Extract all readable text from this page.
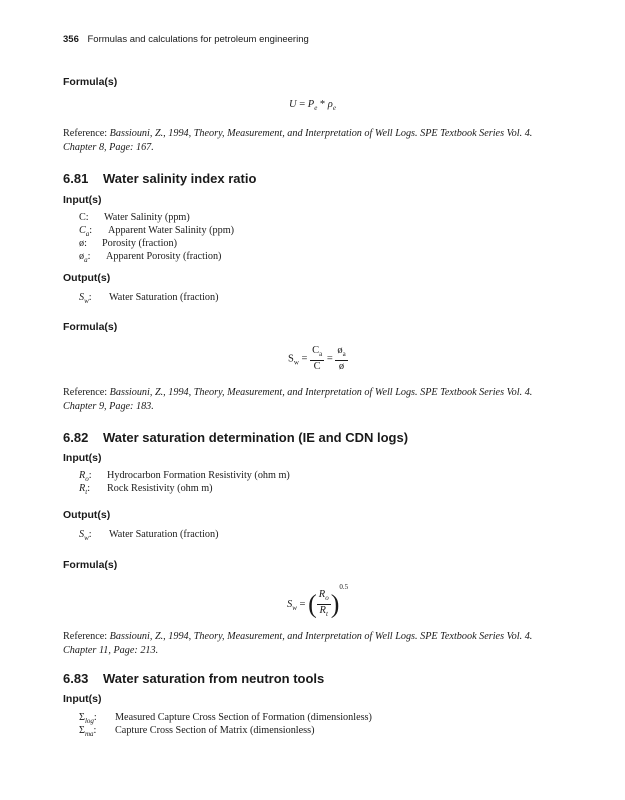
356 Formulas and calculations for petroleum engineering
Formula(s)
$U = P_e * \rho_e$
Reference: Bassiouni, Z., 1994, Theory, Measurement, and Interpretation of Well Logs. SPE Textbook Series Vol. 4.
Chapter 8, Page: 167.
6.81 Water salinity index ratio
Input(s)
C: Water Salinity (ppm)
$C_a$: Apparent Water Salinity (ppm)
ø: Porosity (fraction)
$ø_a$: Apparent Porosity (fraction)
Output(s)
$S_w$: Water Saturation (fraction)
Formula(s)
$S_w = \frac{C_a}{C} = \frac{ø_a}{ø}$
Reference: Bassiouni, Z., 1994, Theory, Measurement, and Interpretation of Well Logs. SPE Textbook Series Vol. 4.
Chapter 9, Page: 183.
6.82 Water saturation determination (IE and CDN logs)
Input(s)
$R_o$: Hydrocarbon Formation Resistivity (ohm m)
$R_t$: Rock Resistivity (ohm m)
Output(s)
$S_w$: Water Saturation (fraction)
Formula(s)
$S_w$ = ( $\frac{R_o}{R_t} )^{0.5}$
Reference: Bassiouni, Z., 1994, Theory, Measurement, and Interpretation of Well Logs. SPE Textbook Series Vol. 4.
Chapter 11, Page: 213.
6.83 Water saturation from neutron tools
Input(s)
$\Sigma_{log}$: Measured Capture Cross Section of Formation (dimensionless)
$\Sigma_{ma}$: Capture Cross Section of Matrix (dimensionless)
